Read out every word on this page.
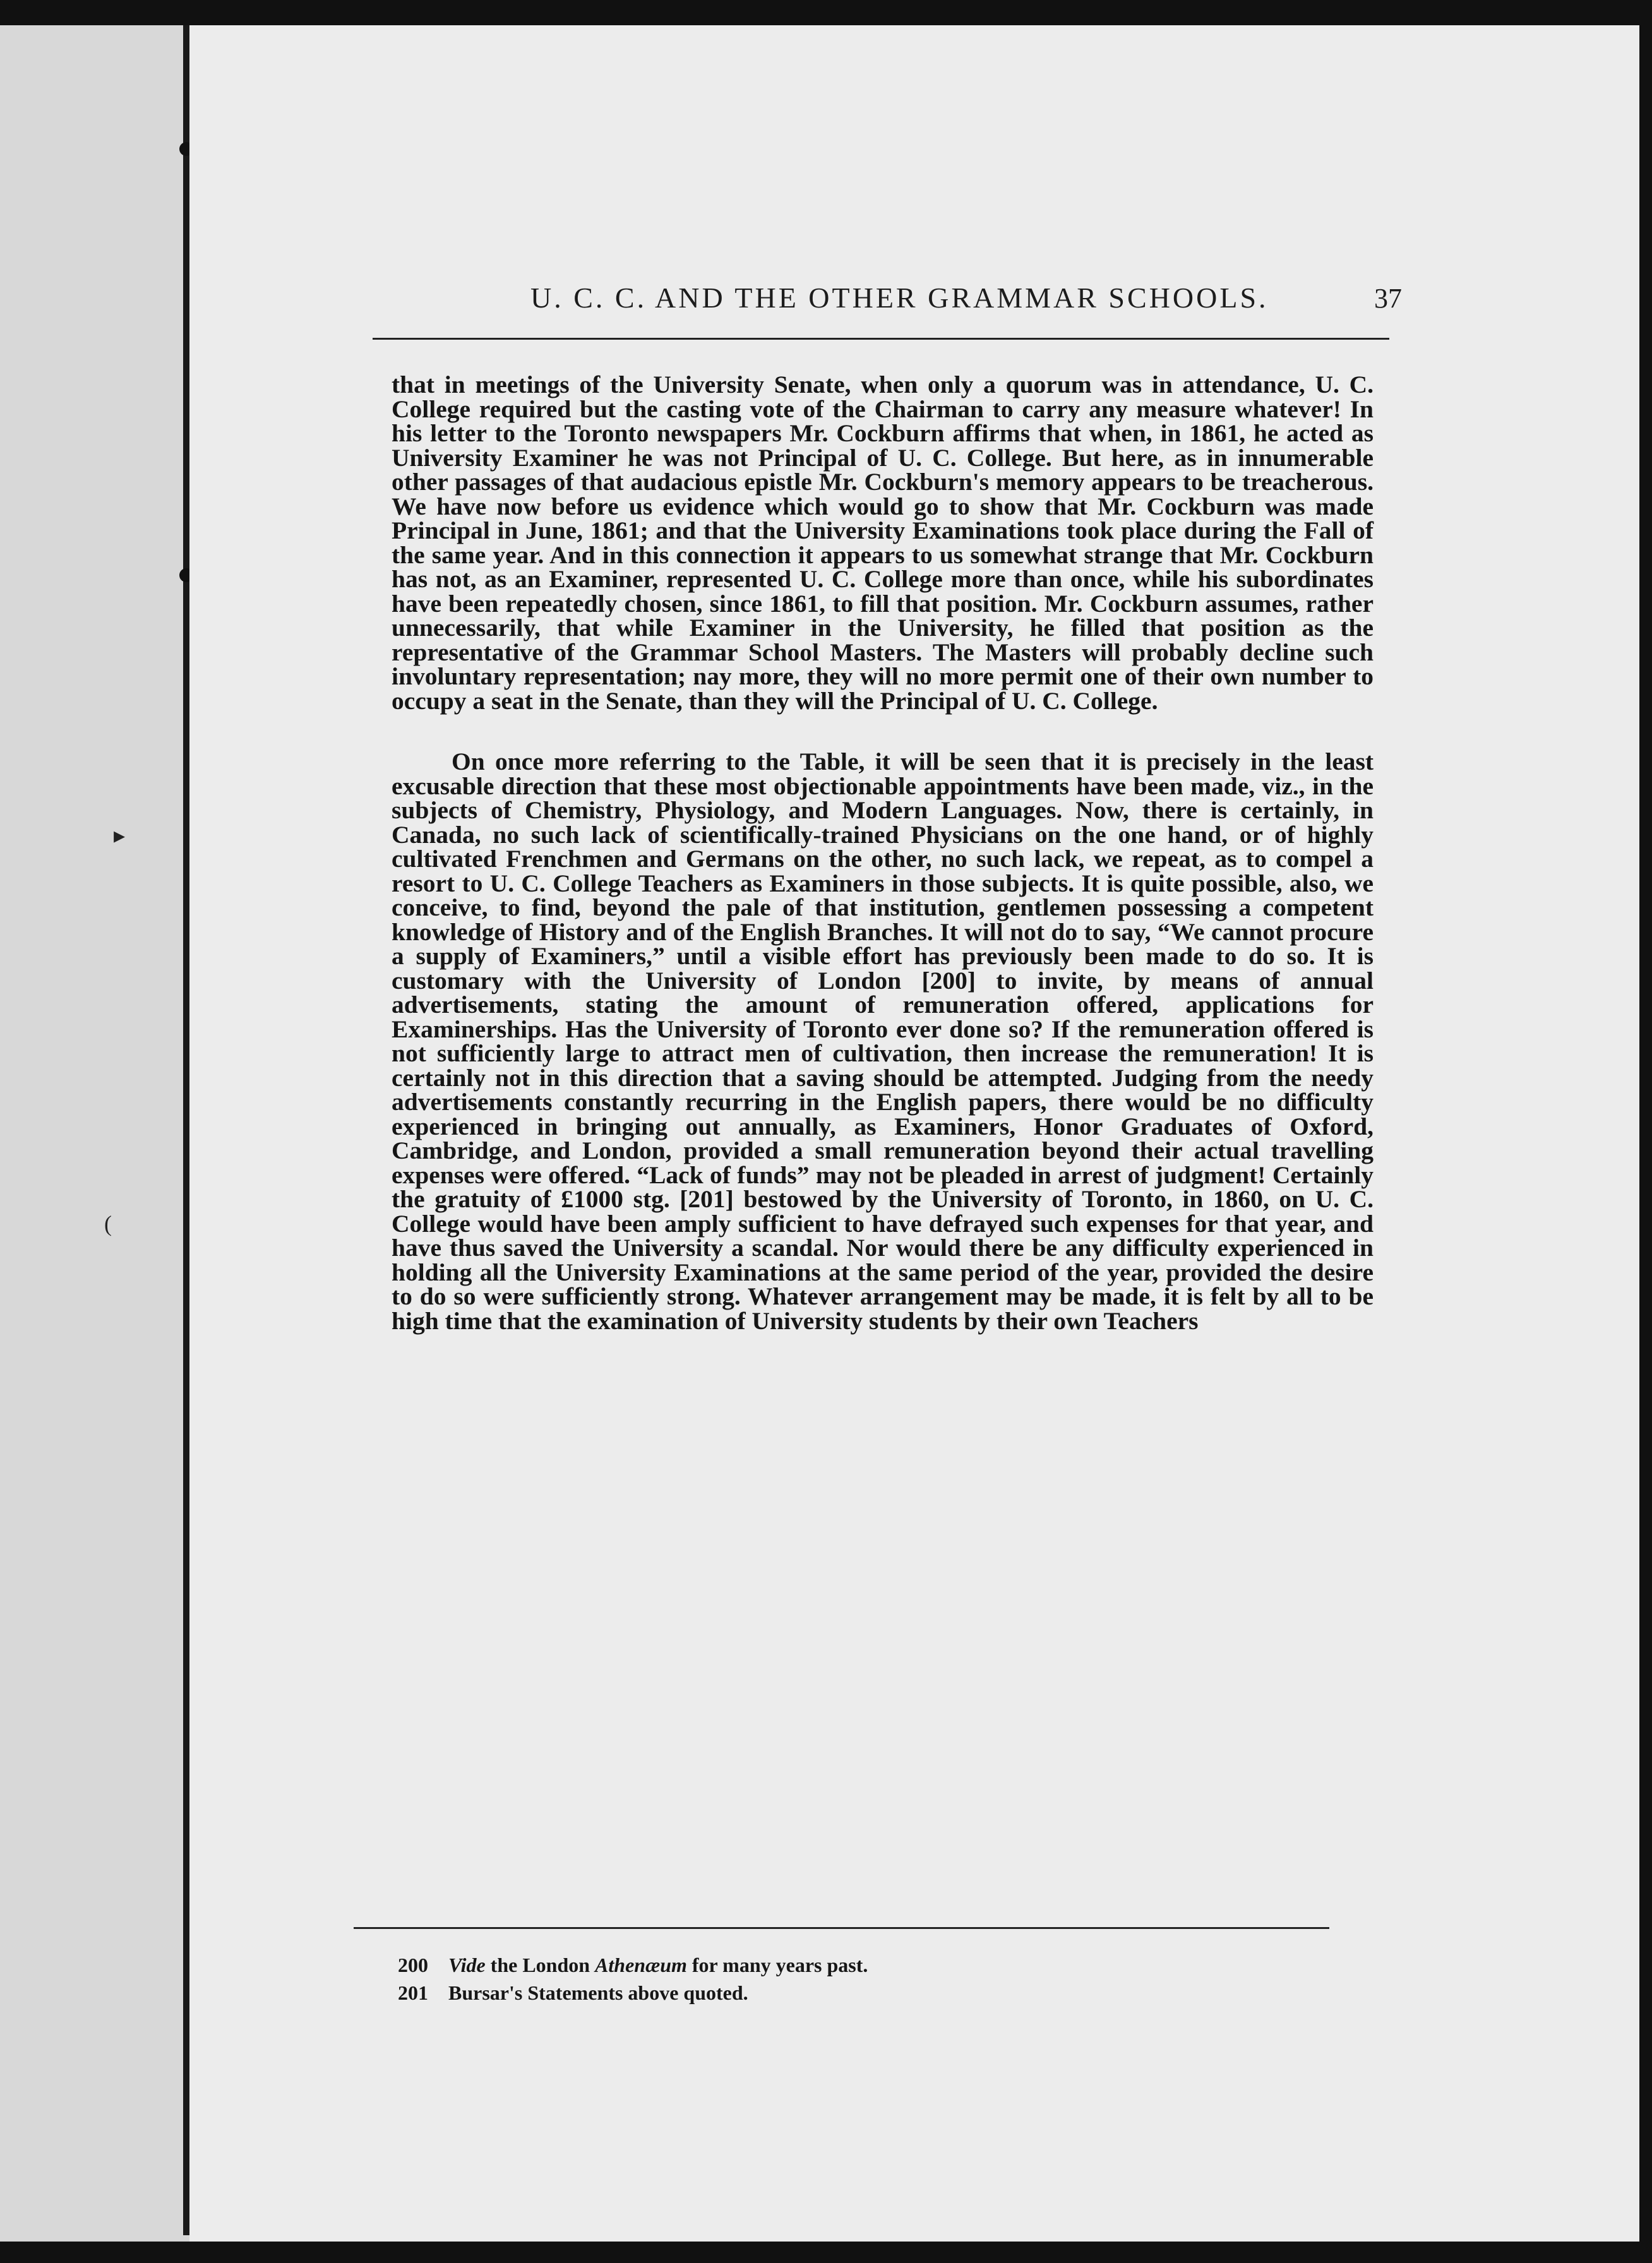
▸
(
U. C. C. AND THE OTHER GRAMMAR SCHOOLS.	37

that in meetings of the University Senate, when only a quorum was in attendance, U. C. College required but the casting vote of the Chairman to carry any measure whatever! In his letter to the Toronto newspapers Mr. Cockburn affirms that when, in 1861, he acted as University Examiner he was not Principal of U. C. College. But here, as in innumerable other passages of that audacious epistle Mr. Cockburn's memory appears to be treacherous. We have now before us evidence which would go to show that Mr. Cockburn was made Principal in June, 1861; and that the University Examinations took place during the Fall of the same year. And in this connection it appears to us somewhat strange that Mr. Cockburn has not, as an Examiner, represented U. C. College more than once, while his subordinates have been repeatedly chosen, since 1861, to fill that position. Mr. Cockburn assumes, rather unnecessarily, that while Examiner in the University, he filled that position as the representative of the Grammar School Masters. The Masters will probably decline such involuntary representation; nay more, they will no more permit one of their own number to occupy a seat in the Senate, than they will the Principal of U. C. College.

On once more referring to the Table, it will be seen that it is precisely in the least excusable direction that these most objectionable appointments have been made, viz., in the subjects of Chemistry, Physiology, and Modern Languages. Now, there is certainly, in Canada, no such lack of scientifically-trained Physicians on the one hand, or of highly cultivated Frenchmen and Germans on the other, no such lack, we repeat, as to compel a resort to U. C. College Teachers as Examiners in those subjects. It is quite possible, also, we conceive, to find, beyond the pale of that institution, gentlemen possessing a competent knowledge of History and of the English Branches. It will not do to say, “We cannot procure a supply of Examiners,” until a visible effort has previously been made to do so. It is customary with the University of London [200] to invite, by means of annual advertisements, stating the amount of remuneration offered, applications for Examinerships. Has the University of Toronto ever done so? If the remuneration offered is not sufficiently large to attract men of cultivation, then increase the remuneration! It is certainly not in this direction that a saving should be attempted. Judging from the needy advertisements constantly recurring in the English papers, there would be no difficulty experienced in bringing out annually, as Examiners, Honor Graduates of Oxford, Cambridge, and London, provided a small remuneration beyond their actual travelling expenses were offered. “Lack of funds” may not be pleaded in arrest of judgment! Certainly the gratuity of £1000 stg. [201] bestowed by the University of Toronto, in 1860, on U. C. College would have been amply sufficient to have defrayed such expenses for that year, and have thus saved the University a scandal. Nor would there be any difficulty experienced in holding all the University Examinations at the same period of the year, provided the desire to do so were sufficiently strong. Whatever arrangement may be made, it is felt by all to be high time that the examination of University students by their own Teachers

200 Vide the London Athenæum for many years past.
201 Bursar's Statements above quoted.
